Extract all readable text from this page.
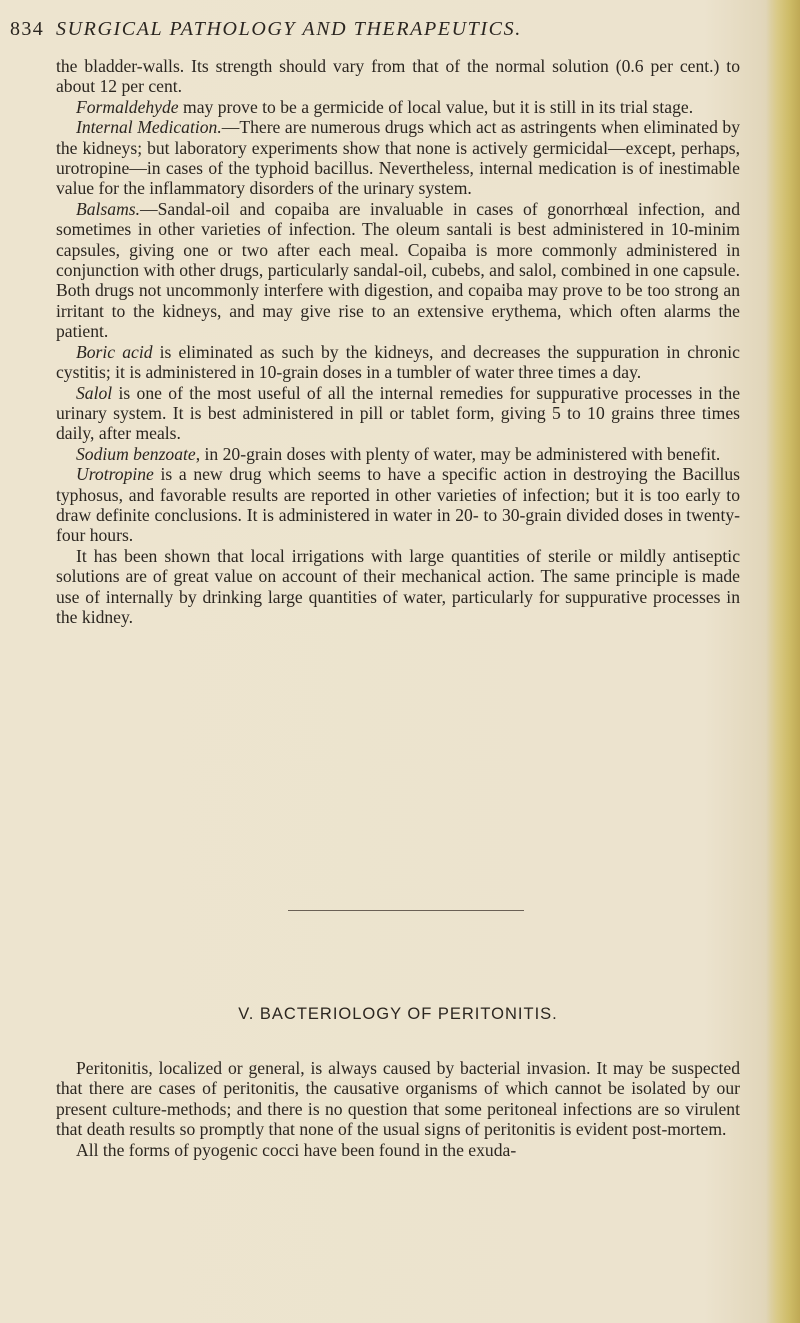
834 SURGICAL PATHOLOGY AND THERAPEUTICS.

the bladder-walls. Its strength should vary from that of the normal solution (0.6 per cent.) to about 12 per cent.

Formaldehyde may prove to be a germicide of local value, but it is still in its trial stage.

Internal Medication.—There are numerous drugs which act as astringents when eliminated by the kidneys; but laboratory experiments show that none is actively germicidal—except, perhaps, urotropine—in cases of the typhoid bacillus. Nevertheless, internal medication is of inestimable value for the inflammatory disorders of the urinary system.

Balsams.—Sandal-oil and copaiba are invaluable in cases of gonorrhœal infection, and sometimes in other varieties of infection. The oleum santali is best administered in 10-minim capsules, giving one or two after each meal. Copaiba is more commonly administered in conjunction with other drugs, particularly sandal-oil, cubebs, and salol, combined in one capsule. Both drugs not uncommonly interfere with digestion, and copaiba may prove to be too strong an irritant to the kidneys, and may give rise to an extensive erythema, which often alarms the patient.

Boric acid is eliminated as such by the kidneys, and decreases the suppuration in chronic cystitis; it is administered in 10-grain doses in a tumbler of water three times a day.

Salol is one of the most useful of all the internal remedies for suppurative processes in the urinary system. It is best administered in pill or tablet form, giving 5 to 10 grains three times daily, after meals.

Sodium benzoate, in 20-grain doses with plenty of water, may be administered with benefit.

Urotropine is a new drug which seems to have a specific action in destroying the Bacillus typhosus, and favorable results are reported in other varieties of infection; but it is too early to draw definite conclusions. It is administered in water in 20- to 30-grain divided doses in twenty-four hours.

It has been shown that local irrigations with large quantities of sterile or mildly antiseptic solutions are of great value on account of their mechanical action. The same principle is made use of internally by drinking large quantities of water, particularly for suppurative processes in the kidney.

V. BACTERIOLOGY OF PERITONITIS.

Peritonitis, localized or general, is always caused by bacterial invasion. It may be suspected that there are cases of peritonitis, the causative organisms of which cannot be isolated by our present culture-methods; and there is no question that some peritoneal infections are so virulent that death results so promptly that none of the usual signs of peritonitis is evident post-mortem.

All the forms of pyogenic cocci have been found in the exuda-
